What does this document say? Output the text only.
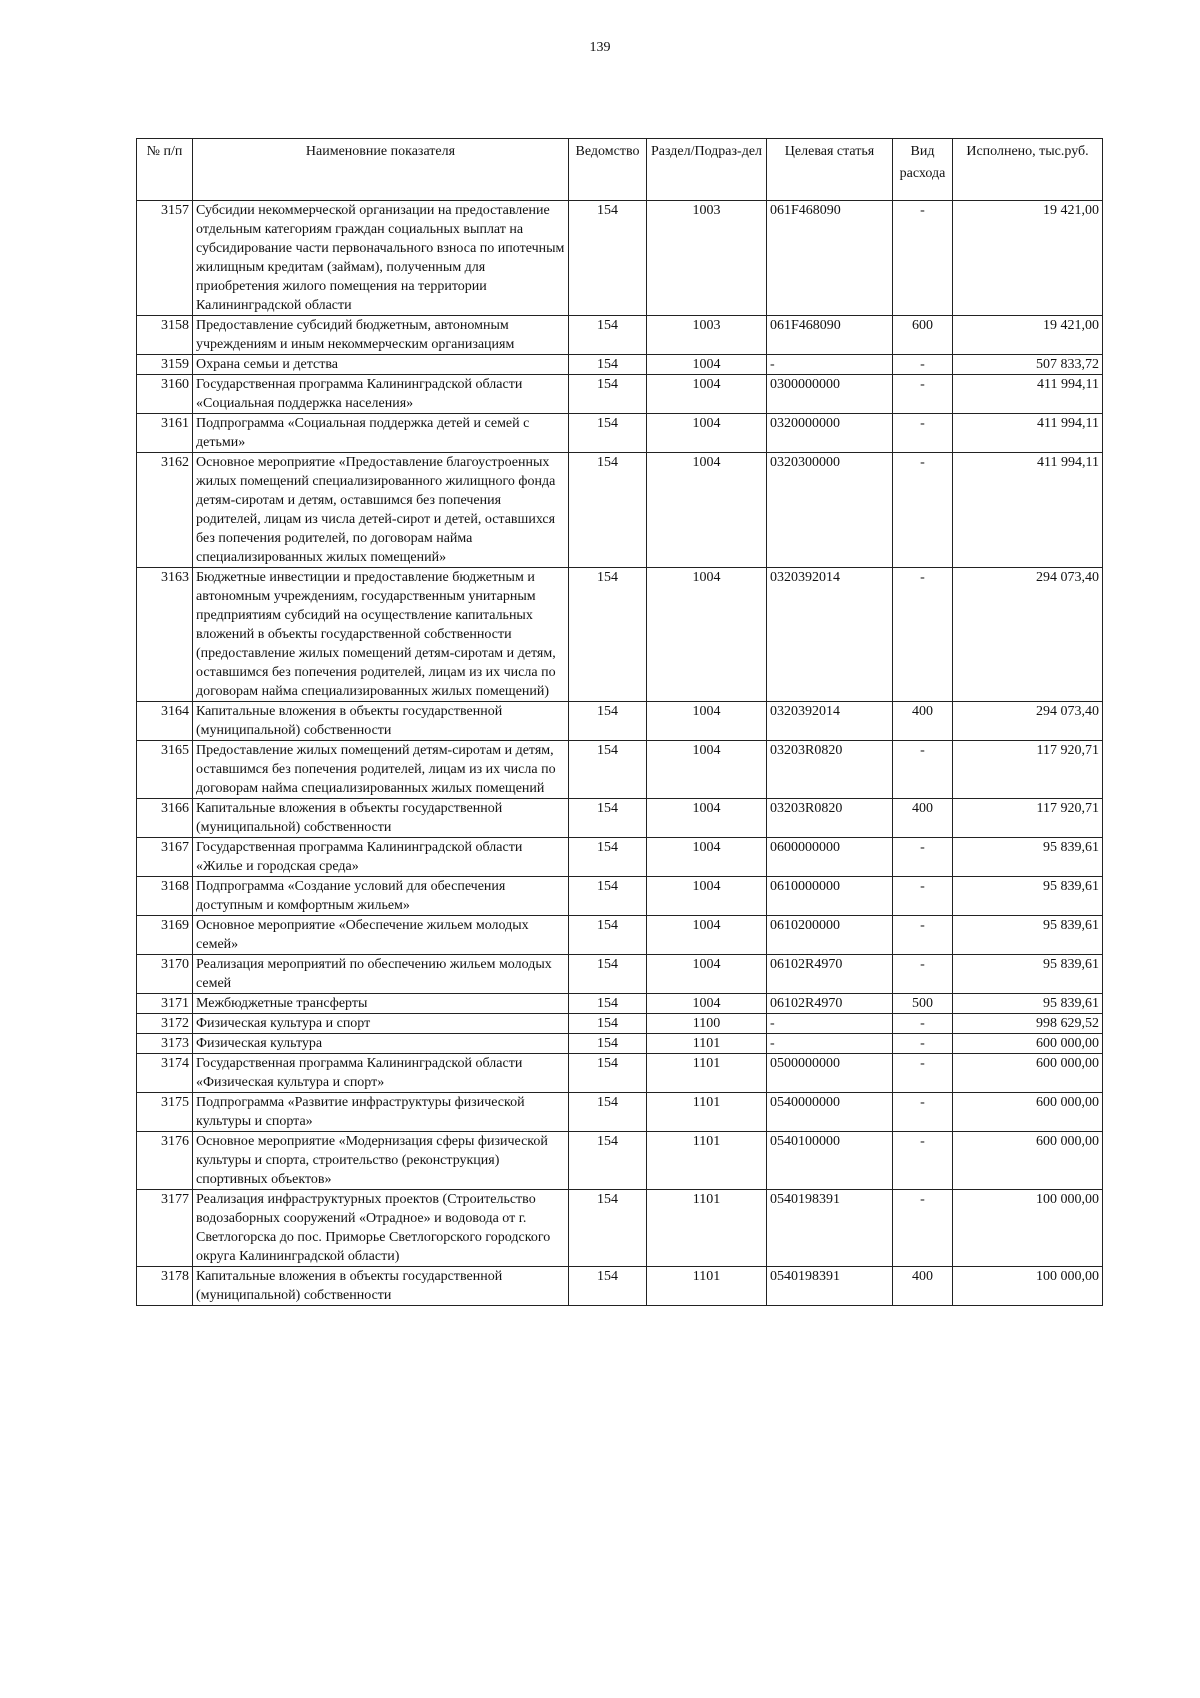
139
№ п/п	Наименовние показателя	Ведомство	Раздел/Подраз-дел	Целевая статья	Вид расхода	Исполнено, тыс.руб.
3157	Субсидии некоммерческой организации на предоставление отдельным категориям граждан социальных выплат на субсидирование части первоначального взноса по ипотечным жилищным кредитам (займам), полученным для приобретения жилого помещения на территории Калининградской области	154	1003	061F468090	-	19 421,00
3158	Предоставление субсидий бюджетным, автономным учреждениям и иным некоммерческим организациям	154	1003	061F468090	600	19 421,00
3159	Охрана семьи и детства	154	1004	-	-	507 833,72
3160	Государственная программа Калининградской области «Социальная поддержка населения»	154	1004	0300000000	-	411 994,11
3161	Подпрограмма «Социальная поддержка детей и семей с детьми»	154	1004	0320000000	-	411 994,11
3162	Основное мероприятие «Предоставление благоустроенных жилых помещений специализированного жилищного фонда детям-сиротам и детям, оставшимся без попечения родителей, лицам из числа детей-сирот и детей, оставшихся без попечения родителей, по договорам найма специализированных жилых помещений»	154	1004	0320300000	-	411 994,11
3163	Бюджетные инвестиции и предоставление бюджетным и автономным учреждениям, государственным унитарным предприятиям субсидий на осуществление капитальных вложений в объекты государственной собственности (предоставление жилых помещений детям-сиротам и детям, оставшимся без попечения родителей, лицам из их числа по договорам найма специализированных жилых помещений)	154	1004	0320392014	-	294 073,40
3164	Капитальные вложения в объекты государственной (муниципальной) собственности	154	1004	0320392014	400	294 073,40
3165	Предоставление жилых помещений детям-сиротам и детям, оставшимся без попечения родителей, лицам из их числа по договорам найма специализированных жилых помещений	154	1004	03203R0820	-	117 920,71
3166	Капитальные вложения в объекты государственной (муниципальной) собственности	154	1004	03203R0820	400	117 920,71
3167	Государственная программа Калининградской области «Жилье и городская среда»	154	1004	0600000000	-	95 839,61
3168	Подпрограмма «Создание условий для обеспечения доступным и комфортным жильем»	154	1004	0610000000	-	95 839,61
3169	Основное мероприятие «Обеспечение жильем молодых семей»	154	1004	0610200000	-	95 839,61
3170	Реализация мероприятий по обеспечению жильем молодых семей	154	1004	06102R4970	-	95 839,61
3171	Межбюджетные трансферты	154	1004	06102R4970	500	95 839,61
3172	Физическая культура и спорт	154	1100	-	-	998 629,52
3173	Физическая культура	154	1101	-	-	600 000,00
3174	Государственная программа Калининградской области «Физическая культура и спорт»	154	1101	0500000000	-	600 000,00
3175	Подпрограмма «Развитие инфраструктуры физической культуры и спорта»	154	1101	0540000000	-	600 000,00
3176	Основное мероприятие «Модернизация сферы физической культуры и спорта, строительство (реконструкция) спортивных объектов»	154	1101	0540100000	-	600 000,00
3177	Реализация инфраструктурных проектов (Строительство водозаборных сооружений «Отрадное» и водовода от г. Светлогорска до пос. Приморье Светлогорского городского округа Калининградской области)	154	1101	0540198391	-	100 000,00
3178	Капитальные вложения в объекты государственной (муниципальной) собственности	154	1101	0540198391	400	100 000,00
